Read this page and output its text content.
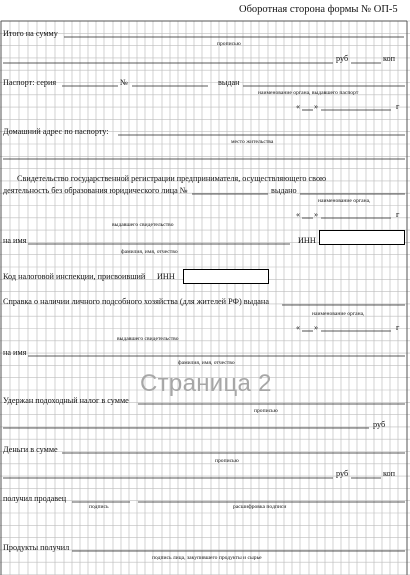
Оборотная сторона формы № ОП-5
Итого на сумму
прописью
руб	коп
Паспорт: серия	№	выдан
наименование органа, выдавшего паспорт
« »	г
Домашний адрес по паспорту:
место жительства
Свидетельство государственной регистрации предпринимателя, осуществляющего свою
деятельность без образования юридического лица №	выдано
наименование органа,
« »	г
выдавшего свидетельство
на имя
фамилия, имя, отчество
ИНН
Код налоговой инспекции, присвоивший ИНН
Справка о наличии личного подсобного хозяйства (для жителей РФ) выдана
наименование органа,
« »	г
выдавшего свидетельство
на имя
фамилия, имя, отчество
Страница 2
Удержан подоходный налог в сумме
прописью
руб
Деньги в сумме
прописью
руб	коп
получил продавец
подпись	расшифровка подписи
Продукты получил
подпись лица, закупившего продукты и сырье
